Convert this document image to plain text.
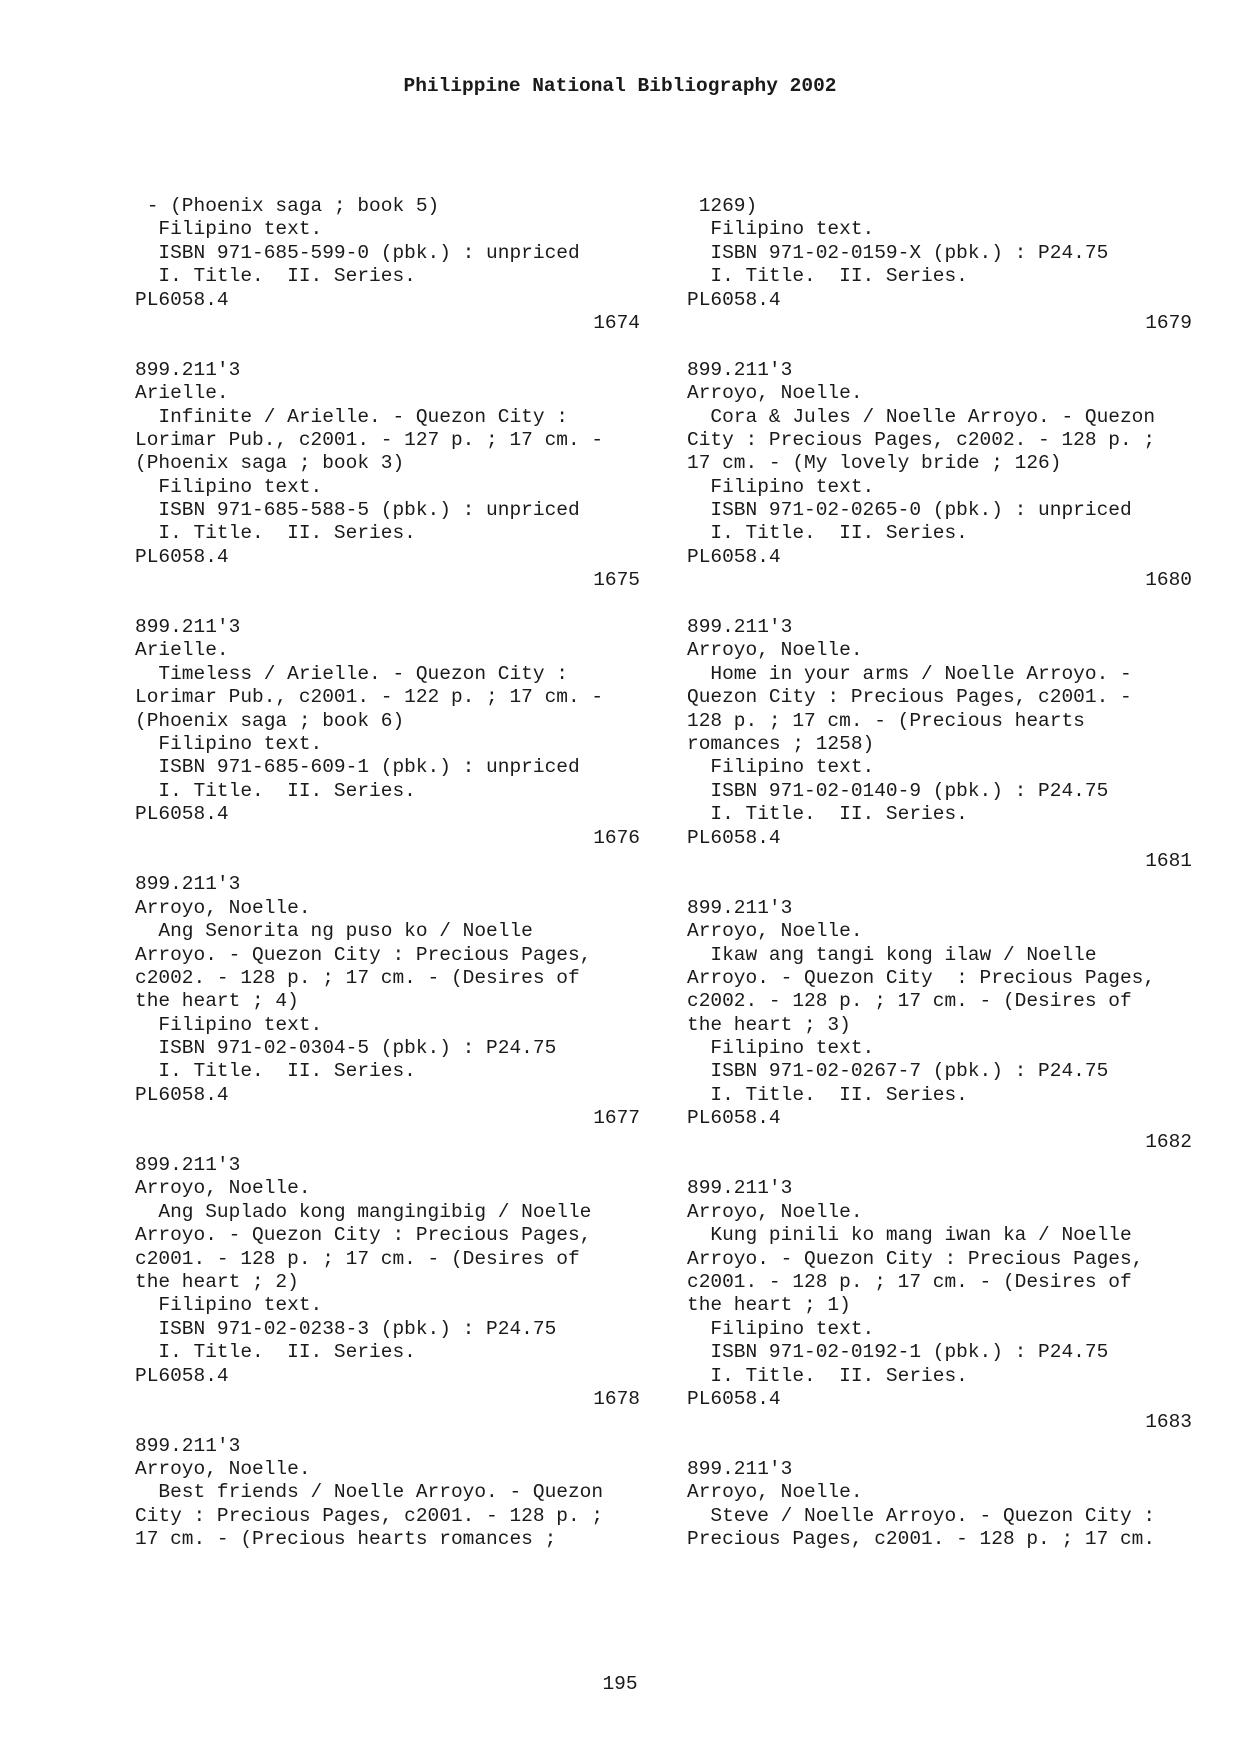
Philippine National Bibliography 2002
- (Phoenix saga ; book 5)
Filipino text.
ISBN 971-685-599-0 (pbk.) : unpriced
I. Title.  II. Series.
PL6058.4
1674
899.211'3
Arielle.
Infinite / Arielle. - Quezon City :
Lorimar Pub., c2001. - 127 p. ; 17 cm. -
(Phoenix saga ; book 3)
Filipino text.
ISBN 971-685-588-5 (pbk.) : unpriced
I. Title.  II. Series.
PL6058.4
1675
899.211'3
Arielle.
Timeless / Arielle. - Quezon City :
Lorimar Pub., c2001. - 122 p. ; 17 cm. -
(Phoenix saga ; book 6)
Filipino text.
ISBN 971-685-609-1 (pbk.) : unpriced
I. Title.  II. Series.
PL6058.4
1676
899.211'3
Arroyo, Noelle.
Ang Senorita ng puso ko / Noelle
Arroyo. - Quezon City : Precious Pages,
c2002. - 128 p. ; 17 cm. - (Desires of
the heart ; 4)
Filipino text.
ISBN 971-02-0304-5 (pbk.) : P24.75
I. Title.  II. Series.
PL6058.4
1677
899.211'3
Arroyo, Noelle.
Ang Suplado kong mangingibig / Noelle
Arroyo. - Quezon City : Precious Pages,
c2001. - 128 p. ; 17 cm. - (Desires of
the heart ; 2)
Filipino text.
ISBN 971-02-0238-3 (pbk.) : P24.75
I. Title.  II. Series.
PL6058.4
1678
899.211'3
Arroyo, Noelle.
Best friends / Noelle Arroyo. - Quezon
City : Precious Pages, c2001. - 128 p. ;
17 cm. - (Precious hearts romances ;
1269)
Filipino text.
ISBN 971-02-0159-X (pbk.) : P24.75
I. Title.  II. Series.
PL6058.4
1679
899.211'3
Arroyo, Noelle.
Cora & Jules / Noelle Arroyo. - Quezon
City : Precious Pages, c2002. - 128 p. ;
17 cm. - (My lovely bride ; 126)
Filipino text.
ISBN 971-02-0265-0 (pbk.) : unpriced
I. Title.  II. Series.
PL6058.4
1680
899.211'3
Arroyo, Noelle.
Home in your arms / Noelle Arroyo. -
Quezon City : Precious Pages, c2001. -
128 p. ; 17 cm. - (Precious hearts
romances ; 1258)
Filipino text.
ISBN 971-02-0140-9 (pbk.) : P24.75
I. Title.  II. Series.
PL6058.4
1681
899.211'3
Arroyo, Noelle.
Ikaw ang tangi kong ilaw / Noelle
Arroyo. - Quezon City  : Precious Pages,
c2002. - 128 p. ; 17 cm. - (Desires of
the heart ; 3)
Filipino text.
ISBN 971-02-0267-7 (pbk.) : P24.75
I. Title.  II. Series.
PL6058.4
1682
899.211'3
Arroyo, Noelle.
Kung pinili ko mang iwan ka / Noelle
Arroyo. - Quezon City : Precious Pages,
c2001. - 128 p. ; 17 cm. - (Desires of
the heart ; 1)
Filipino text.
ISBN 971-02-0192-1 (pbk.) : P24.75
I. Title.  II. Series.
PL6058.4
1683
899.211'3
Arroyo, Noelle.
Steve / Noelle Arroyo. - Quezon City :
Precious Pages, c2001. - 128 p. ; 17 cm.
195
